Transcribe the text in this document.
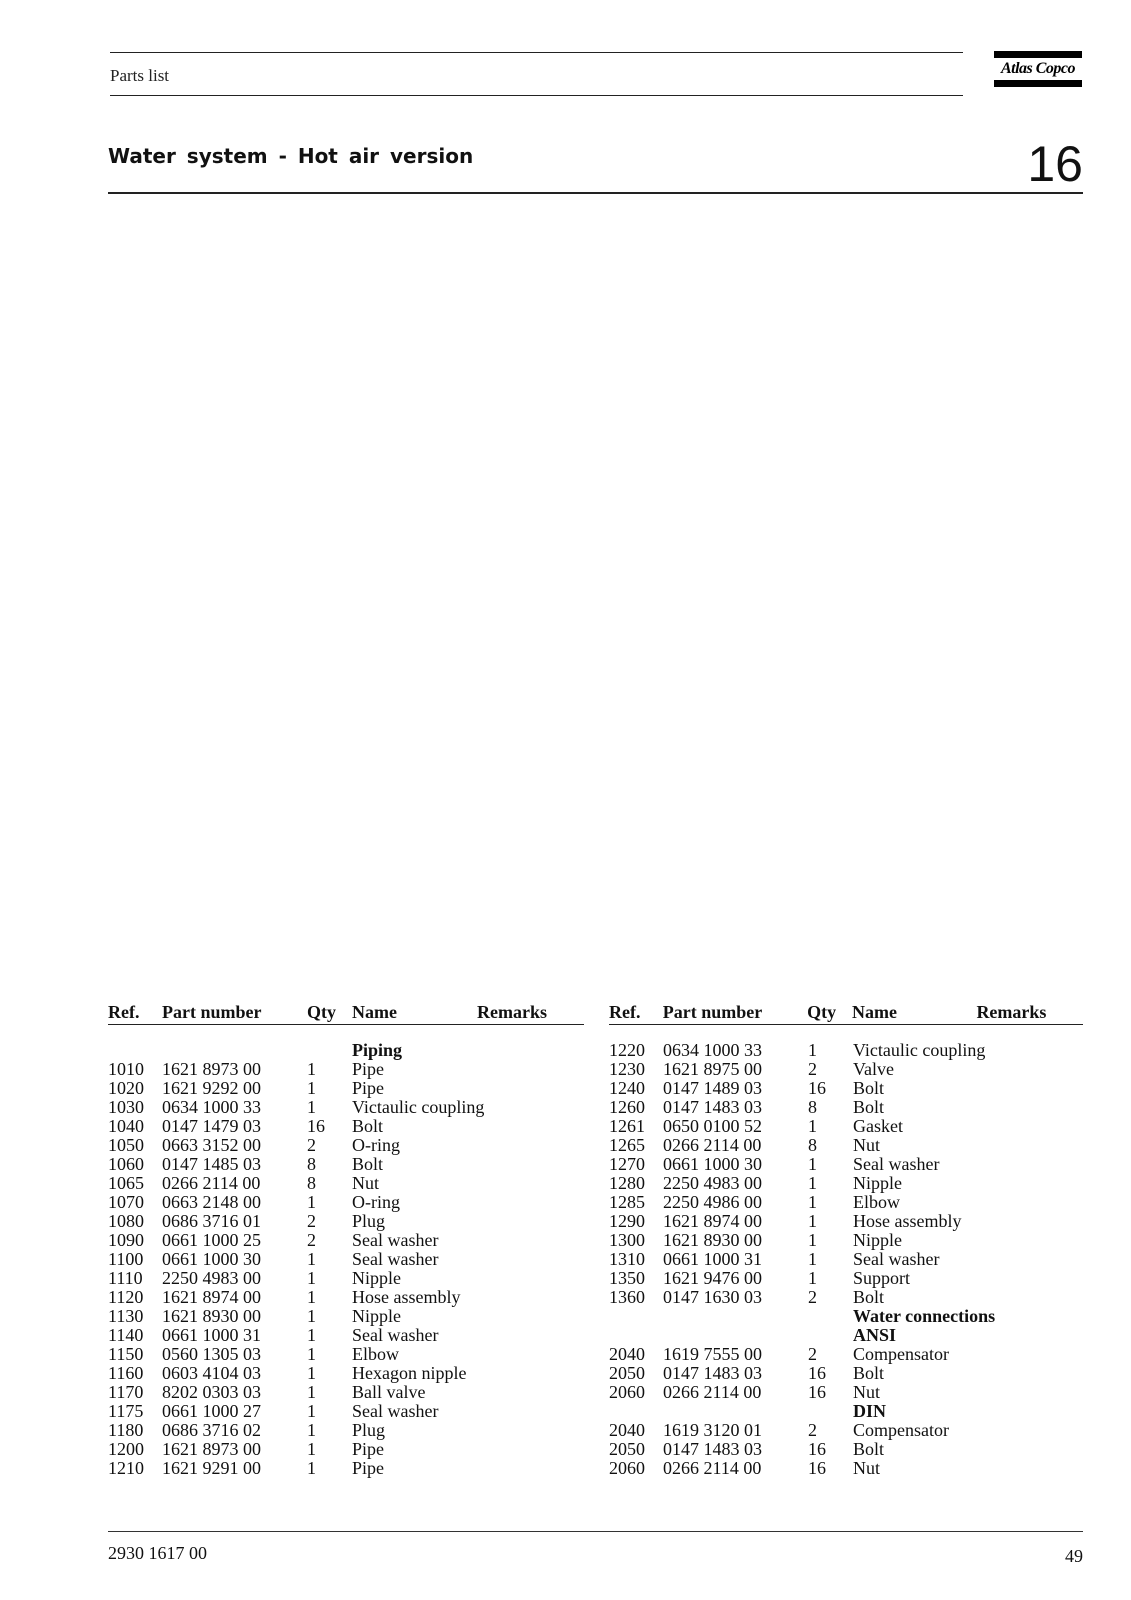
Parts list	Atlas Copco
Water system - Hot air version	16
Ref.	Part number	Qty Name	Remarks
Piping
1010	1621 8973 00	1	Pipe
1020	1621 9292 00	1	Pipe
1030	0634 1000 33	1	Victaulic coupling
1040	0147 1479 03	16	Bolt
1050	0663 3152 00	2	O-ring
1060	0147 1485 03	8	Bolt
1065	0266 2114 00	8	Nut
1070	0663 2148 00	1	O-ring
1080	0686 3716 01	2	Plug
1090	0661 1000 25	2	Seal washer
1100	0661 1000 30	1	Seal washer
1110	2250 4983 00	1	Nipple
1120	1621 8974 00	1	Hose assembly
1130	1621 8930 00	1	Nipple
1140	0661 1000 31	1	Seal washer
1150	0560 1305 03	1	Elbow
1160	0603 4104 03	1	Hexagon nipple
1170	8202 0303 03	1	Ball valve
1175	0661 1000 27	1	Seal washer
1180	0686 3716 02	1	Plug
1200	1621 8973 00	1	Pipe
1210	1621 9291 00	1	Pipe
Ref.	Part number	Qty Name	Remarks
1220	0634 1000 33	1	Victaulic coupling
1230	1621 8975 00	2	Valve
1240	0147 1489 03	16	Bolt
1260	0147 1483 03	8	Bolt
1261	0650 0100 52	1	Gasket
1265	0266 2114 00	8	Nut
1270	0661 1000 30	1	Seal washer
1280	2250 4983 00	1	Nipple
1285	2250 4986 00	1	Elbow
1290	1621 8974 00	1	Hose assembly
1300	1621 8930 00	1	Nipple
1310	0661 1000 31	1	Seal washer
1350	1621 9476 00	1	Support
1360	0147 1630 03	2	Bolt
Water connections
ANSI
2040	1619 7555 00	2	Compensator
2050	0147 1483 03	16	Bolt
2060	0266 2114 00	16	Nut
DIN
2040	1619 3120 01	2	Compensator
2050	0147 1483 03	16	Bolt
2060	0266 2114 00	16	Nut
2930 1617 00	49
